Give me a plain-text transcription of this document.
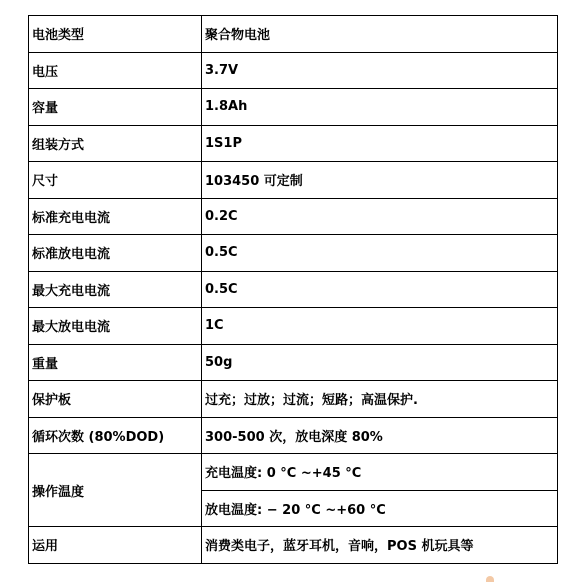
电池类型	聚合物电池
电压	3.7V
容量	1.8Ah
组装方式	1S1P
尺寸	103450 可定制
标准充电电流	0.2C
标准放电电流	0.5C
最大充电电流	0.5C
最大放电电流	1C
重量	50g
保护板	过充；过放；过流；短路；高温保护.
循环次数 (80%DOD)	300-500 次，放电深度 80%
操作温度	充电温度: 0 °C ~+45 °C
	放电温度: − 20 °C ~+60 °C
运用	消费类电子，蓝牙耳机，音响，POS 机玩具等
